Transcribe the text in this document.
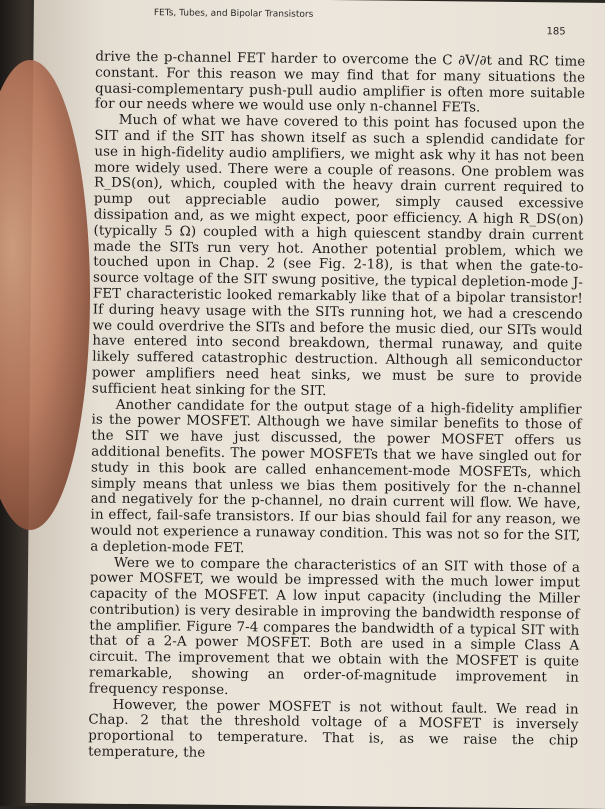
FETs, Tubes, and Bipolar Transistors
185

drive the p-channel FET harder to overcome the C ∂V/∂t and RC time constant. For this reason we may find that for many situations the quasi-complementary push-pull audio amplifier is often more suitable for our needs where we would use only n-channel FETs.

Much of what we have covered to this point has focused upon the SIT and if the SIT has shown itself as such a splendid candidate for use in high-fidelity audio amplifiers, we might ask why it has not been more widely used. There were a couple of reasons. One problem was R_DS(on), which, coupled with the heavy drain current required to pump out appreciable audio power, simply caused excessive dissipation and, as we might expect, poor efficiency. A high R_DS(on) (typically 5 Ω) coupled with a high quiescent standby drain current made the SITs run very hot. Another potential problem, which we touched upon in Chap. 2 (see Fig. 2-18), is that when the gate-to-source voltage of the SIT swung positive, the typical depletion-mode J-FET characteristic looked remarkably like that of a bipolar transistor! If during heavy usage with the SITs running hot, we had a crescendo we could overdrive the SITs and before the music died, our SITs would have entered into second breakdown, thermal runaway, and quite likely suffered catastrophic destruction. Although all semiconductor power amplifiers need heat sinks, we must be sure to provide sufficient heat sinking for the SIT.

Another candidate for the output stage of a high-fidelity amplifier is the power MOSFET. Although we have similar benefits to those of the SIT we have just discussed, the power MOSFET offers us additional benefits. The power MOSFETs that we have singled out for study in this book are called enhancement-mode MOSFETs, which simply means that unless we bias them positively for the n-channel and negatively for the p-channel, no drain current will flow. We have, in effect, fail-safe transistors. If our bias should fail for any reason, we would not experience a runaway condition. This was not so for the SIT, a depletion-mode FET.

Were we to compare the characteristics of an SIT with those of a power MOSFET, we would be impressed with the much lower imput capacity of the MOSFET. A low input capacity (including the Miller contribution) is very desirable in improving the bandwidth response of the amplifier. Figure 7-4 compares the bandwidth of a typical SIT with that of a 2-A power MOSFET. Both are used in a simple Class A circuit. The improvement that we obtain with the MOSFET is quite remarkable, showing an order-of-magnitude improvement in frequency response.

However, the power MOSFET is not without fault. We read in Chap. 2 that the threshold voltage of a MOSFET is inversely proportional to temperature. That is, as we raise the chip temperature, the
